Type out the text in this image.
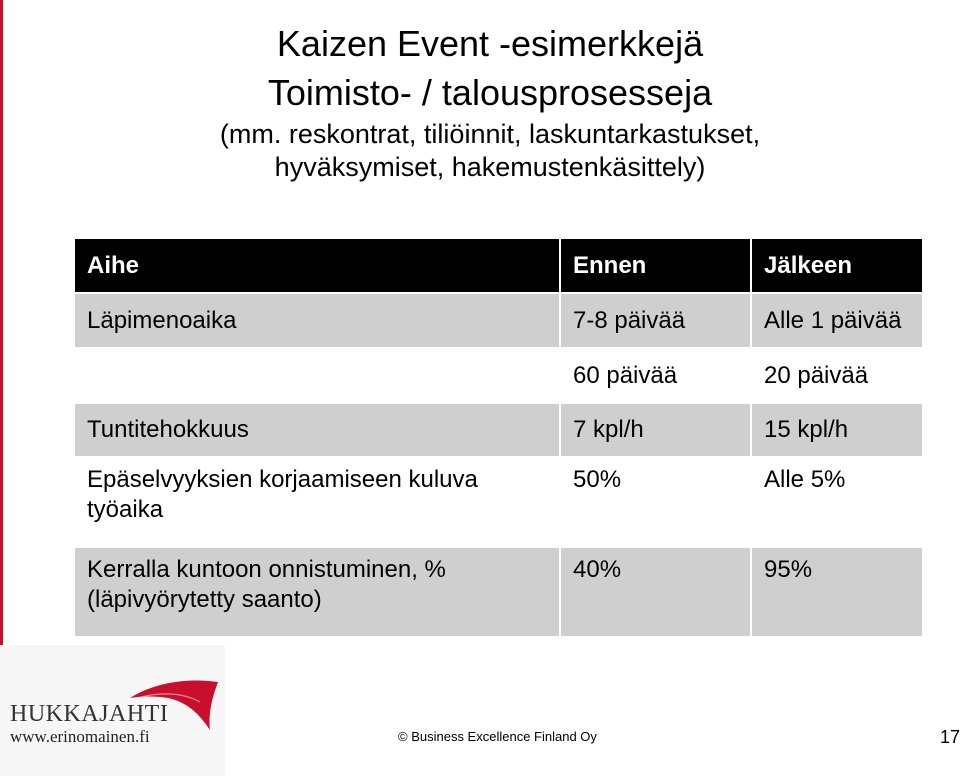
Kaizen Event -esimerkkejä
Toimisto- / talousprosesseja

(mm. reskontrat, tiliöinnit, laskuntarkastukset,

hyväksymiset, hakemustenkäsittely)

Aihe	Ennen	Jälkeen
Läpimenoaika	7-8 päivää	Alle 1 päivää
	60 päivää	20 päivää
Tuntitehokkuus	7 kpl/h	15 kpl/h
Epäselvyyksien korjaamiseen kuluva työaika	50%	Alle 5%
Kerralla kuntoon onnistuminen, % (läpivyörytetty saanto)	40%	95%
HUKKAJAHTI
www.erinomainen.fi	© Business Excellence Finland Oy	17
